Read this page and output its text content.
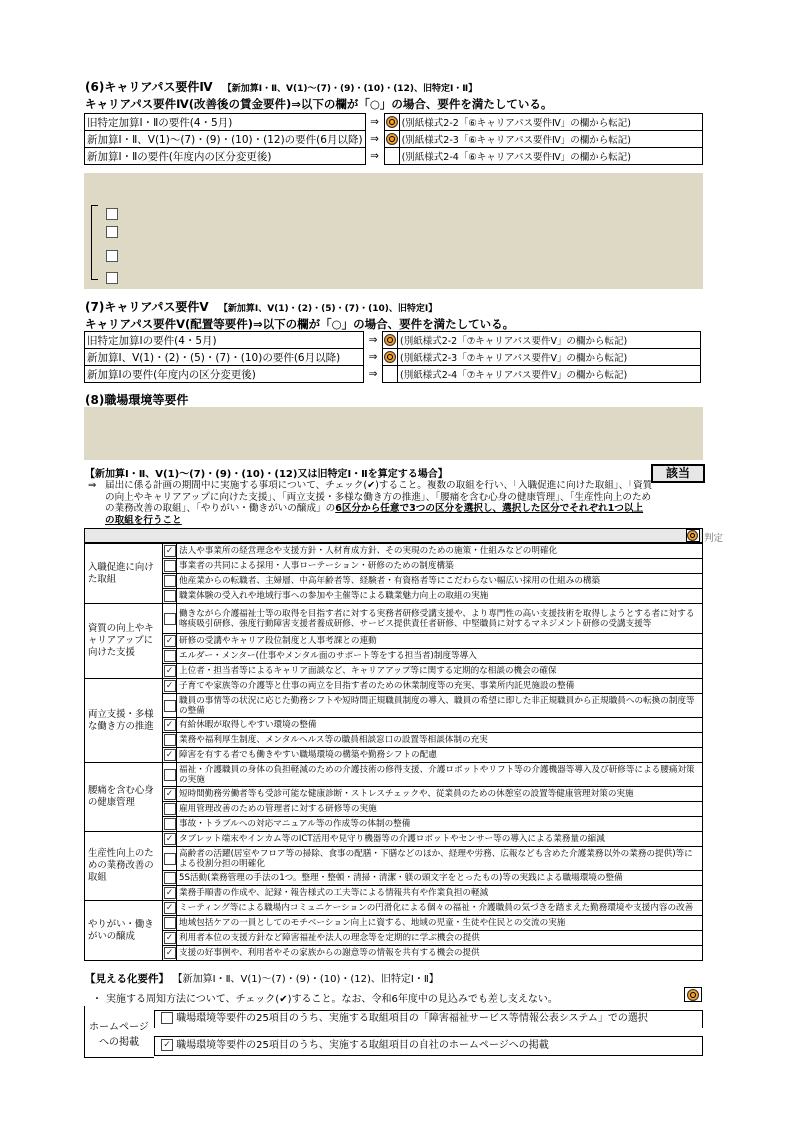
(6)キャリアパス要件Ⅳ 【新加算Ⅰ・Ⅱ、Ⅴ(1)～(7)・(9)・(10)・(12)、旧特定Ⅰ・Ⅱ】
キャリアパス要件Ⅳ(改善後の賃金要件)⇒以下の欄が「○」の場合、要件を満たしている。
旧特定加算Ⅰ・Ⅱの要件(4・5月)	⇒		(別紙様式2-2「⑥キャリアパス要件Ⅳ」の欄から転記)
新加算Ⅰ・Ⅱ、Ⅴ(1)～(7)・(9)・(10)・(12)の要件(6月以降)	⇒		(別紙様式2-3「⑥キャリアパス要件Ⅳ」の欄から転記)
新加算Ⅰ・Ⅱの要件(年度内の区分変更後)	⇒		(別紙様式2-4「⑥キャリアパス要件Ⅳ」の欄から転記)
(7)キャリアパス要件Ⅴ 【新加算Ⅰ、Ⅴ(1)・(2)・(5)・(7)・(10)、旧特定Ⅰ】
キャリアパス要件Ⅴ(配置等要件)⇒以下の欄が「○」の場合、要件を満たしている。
旧特定加算Ⅰの要件(4・5月)	⇒		(別紙様式2-2「⑦キャリアパス要件Ⅴ」の欄から転記)
新加算Ⅰ、Ⅴ(1)・(2)・(5)・(7)・(10)の要件(6月以降)	⇒		(別紙様式2-3「⑦キャリアパス要件Ⅴ」の欄から転記)
新加算Ⅰの要件(年度内の区分変更後)	⇒		(別紙様式2-4「⑦キャリアパス要件Ⅴ」の欄から転記)
(8)職場環境等要件
【新加算Ⅰ・Ⅱ、Ⅴ(1)～(7)・(9)・(10)・(12)又は旧特定Ⅰ・Ⅱを算定する場合】	該当
⇒ 届出に係る計画の期間中に実施する事項について、チェック(✔)すること。複数の取組を行い、「入職促進に向けた取組」、「資質
の向上やキャリアアップに向けた支援」、「両立支援・多様な働き方の推進」、「腰痛を含む心身の健康管理」、「生産性向上のため
の業務改善の取組」、「やりがい・働きがいの醸成」の6区分から任意で3つの区分を選択し、選択した区分でそれぞれ1つ以上
の取組を行うこと
判定
入職促進に向けた取組	✓	法人や事業所の経営理念や支援方針・人材育成方針、その実現のための施策・仕組みなどの明確化
		事業者の共同による採用・人事ローテーション・研修のための制度構築
		他産業からの転職者、主婦層、中高年齢者等、経験者・有資格者等にこだわらない幅広い採用の仕組みの構築
		職業体験の受入れや地域行事への参加や主催等による職業魅力向上の取組の実施
資質の向上やキャリアアップに向けた支援		働きながら介護福祉士等の取得を目指す者に対する実務者研修受講支援や、より専門性の高い支援技術を取得しようとする者に対する喀痰吸引研修、強度行動障害支援者養成研修、サービス提供責任者研修、中堅職員に対するマネジメント研修の受講支援等
	✓	研修の受講やキャリア段位制度と人事考課との連動
		エルダー・メンター(仕事やメンタル面のサポート等をする担当者)制度等導入
	✓	上位者・担当者等によるキャリア面談など、キャリアアップ等に関する定期的な相談の機会の確保
両立支援・多様な働き方の推進	✓	子育てや家族等の介護等と仕事の両立を目指す者のための休業制度等の充実、事業所内託児施設の整備
		職員の事情等の状況に応じた勤務シフトや短時間正規職員制度の導入、職員の希望に即した非正規職員から正規職員への転換の制度等の整備
	✓	有給休暇が取得しやすい環境の整備
		業務や福利厚生制度、メンタルヘルス等の職員相談窓口の設置等相談体制の充実
	✓	障害を有する者でも働きやすい職場環境の構築や勤務シフトの配慮
腰痛を含む心身の健康管理		福祉・介護職員の身体の負担軽減のための介護技術の修得支援、介護ロボットやリフト等の介護機器等導入及び研修等による腰痛対策の実施
	✓	短時間勤務労働者等も受診可能な健康診断・ストレスチェックや、従業員のための休憩室の設置等健康管理対策の実施
		雇用管理改善のための管理者に対する研修等の実施
		事故・トラブルへの対応マニュアル等の作成等の体制の整備
生産性向上のための業務改善の取組	✓	タブレット端末やインカム等のICT活用や見守り機器等の介護ロボットやセンサー等の導入による業務量の縮減
		高齢者の活躍(居室やフロア等の掃除、食事の配膳・下膳などのほか、経理や労務、広報なども含めた介護業務以外の業務の提供)等による役割分担の明確化
		5S活動(業務管理の手法の1つ。整理・整頓・清掃・清潔・躾の頭文字をとったもの)等の実践による職場環境の整備
	✓	業務手順書の作成や、記録・報告様式の工夫等による情報共有や作業負担の軽減
やりがい・働きがいの醸成	✓	ミーティング等による職場内コミュニケーションの円滑化による個々の福祉・介護職員の気づきを踏まえた勤務環境や支援内容の改善
		地域包括ケアの一員としてのモチベーション向上に資する、地域の児童・生徒や住民との交流の実施
	✓	利用者本位の支援方針など障害福祉や法人の理念等を定期的に学ぶ機会の提供
	✓	支援の好事例や、利用者やその家族からの謝意等の情報を共有する機会の提供
【見える化要件】 【新加算Ⅰ・Ⅱ、Ⅴ(1)～(7)・(9)・(10)・(12)、旧特定Ⅰ・Ⅱ】
・ 実施する周知方法について、チェック(✔)すること。なお、令和6年度中の見込みでも差し支えない。
ホームページ
への掲載
職場環境等要件の25項目のうち、実施する取組項目の「障害福祉サービス等情報公表システム」での選択
✓ 職場環境等要件の25項目のうち、実施する取組項目の自社のホームページへの掲載
